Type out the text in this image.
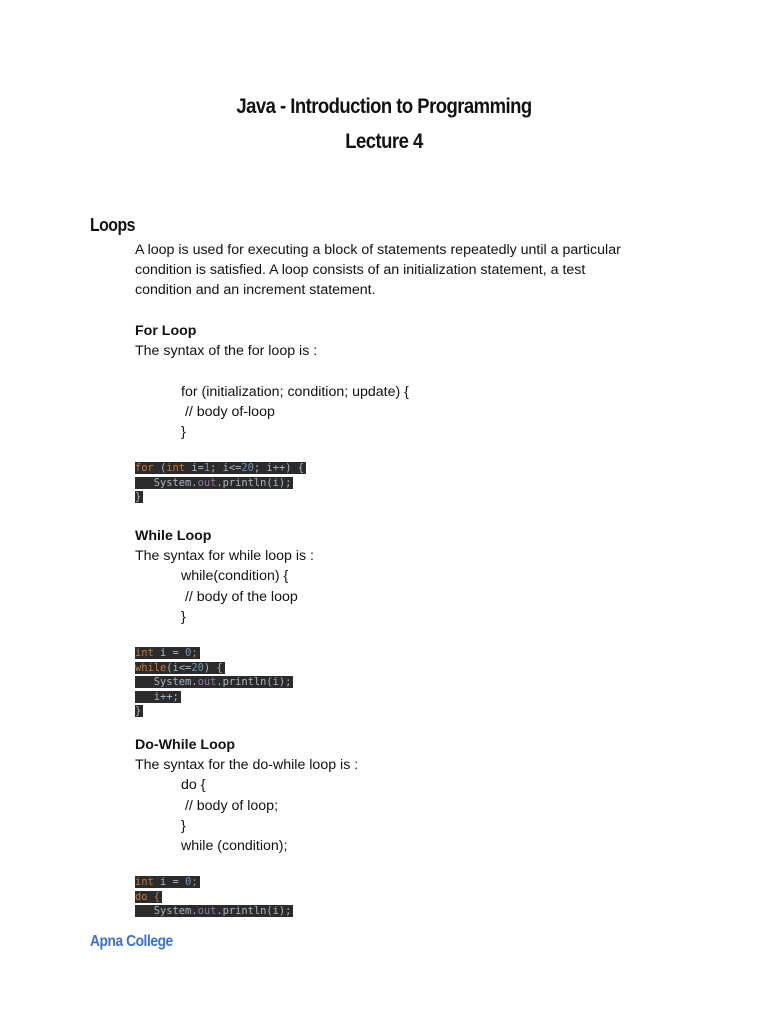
Java - Introduction to Programming
Lecture 4
Loops

A loop is used for executing a block of statements repeatedly until a particular

condition is satisfied. A loop consists of an initialization statement, a test

condition and an increment statement.

For Loop

The syntax of the for loop is :

for (initialization; condition; update) {

// body of-loop

}

for (int i=1; i<=20; i++) {
System.out.println(i);
}

While Loop

The syntax for while loop is :

while(condition) {

// body of the loop

}

int i = 0;
while(i<=20) {
System.out.println(i);
i++;
}

Do-While Loop

The syntax for the do-while loop is :

do {

// body of loop;

}

while (condition);

int i = 0;
do {
System.out.println(i);
Apna College
